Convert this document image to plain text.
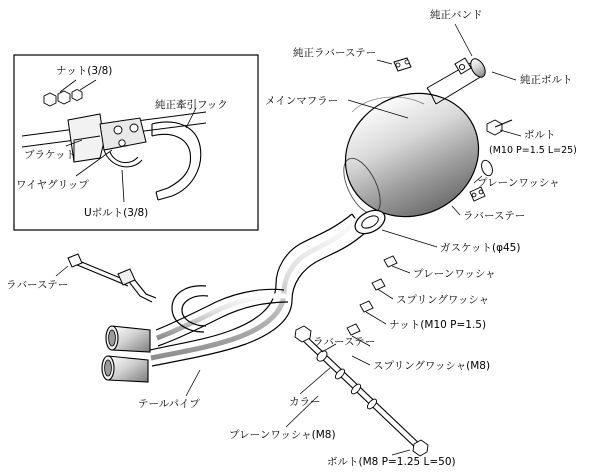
純正バンド
純正ラバーステー
純正ボルト
メインマフラー
ボルト
(M10 P=1.5 L=25)
プレーンワッシャ
ラバーステー
ガスケット(φ45)
プレーンワッシャ
スプリングワッシャ
ナット(M10 P=1.5)
ラバーステー
スプリングワッシャ(M8)
ラバーステー
テールパイプ	カラー
プレーンワッシャ(M8)
ボルト(M8 P=1.25 L=50)
ナット(3/8)
純正牽引フック
ブラケット
ワイヤグリップ
Uボルト(3/8)
